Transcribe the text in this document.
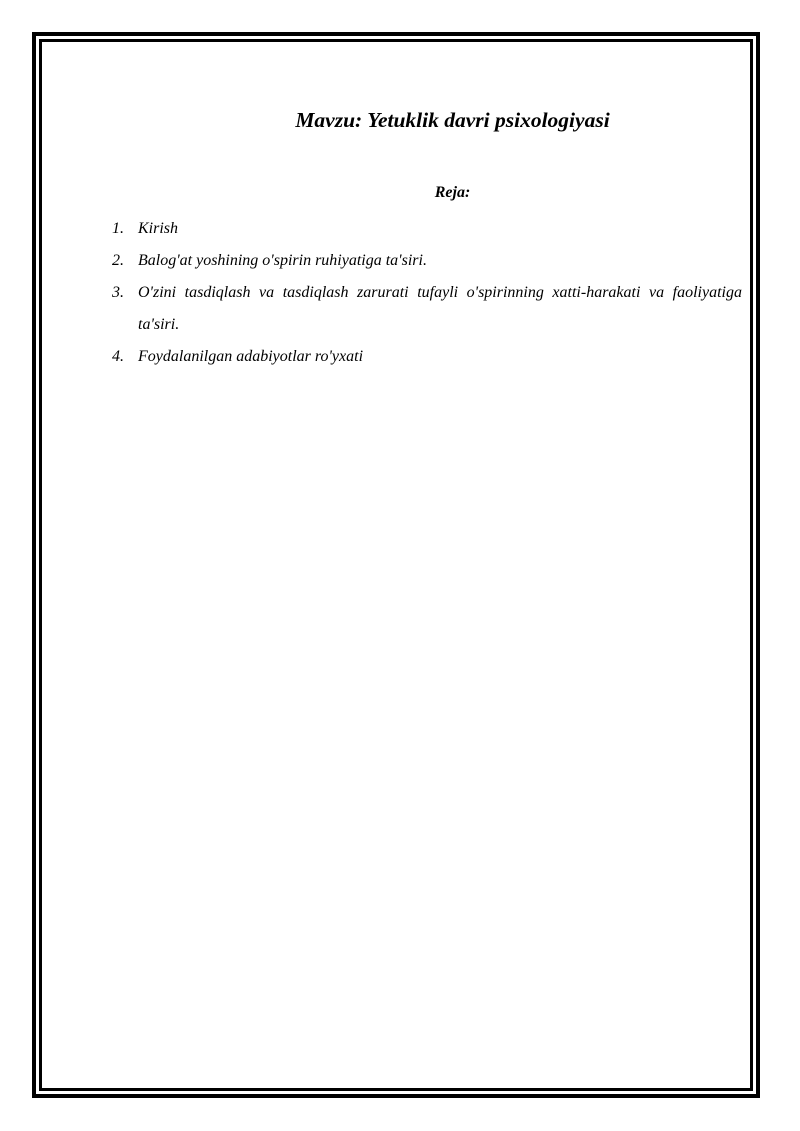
Mavzu: Yetuklik davri psixologiyasi
Reja:
1. Kirish
2. Balog'at yoshining o'spirin ruhiyatiga ta'siri.
3. O'zini tasdiqlash va tasdiqlash zarurati tufayli o'spirinning xatti-harakati va faoliyatiga ta'siri.
4. Foydalanilgan adabiyotlar ro'yxati
